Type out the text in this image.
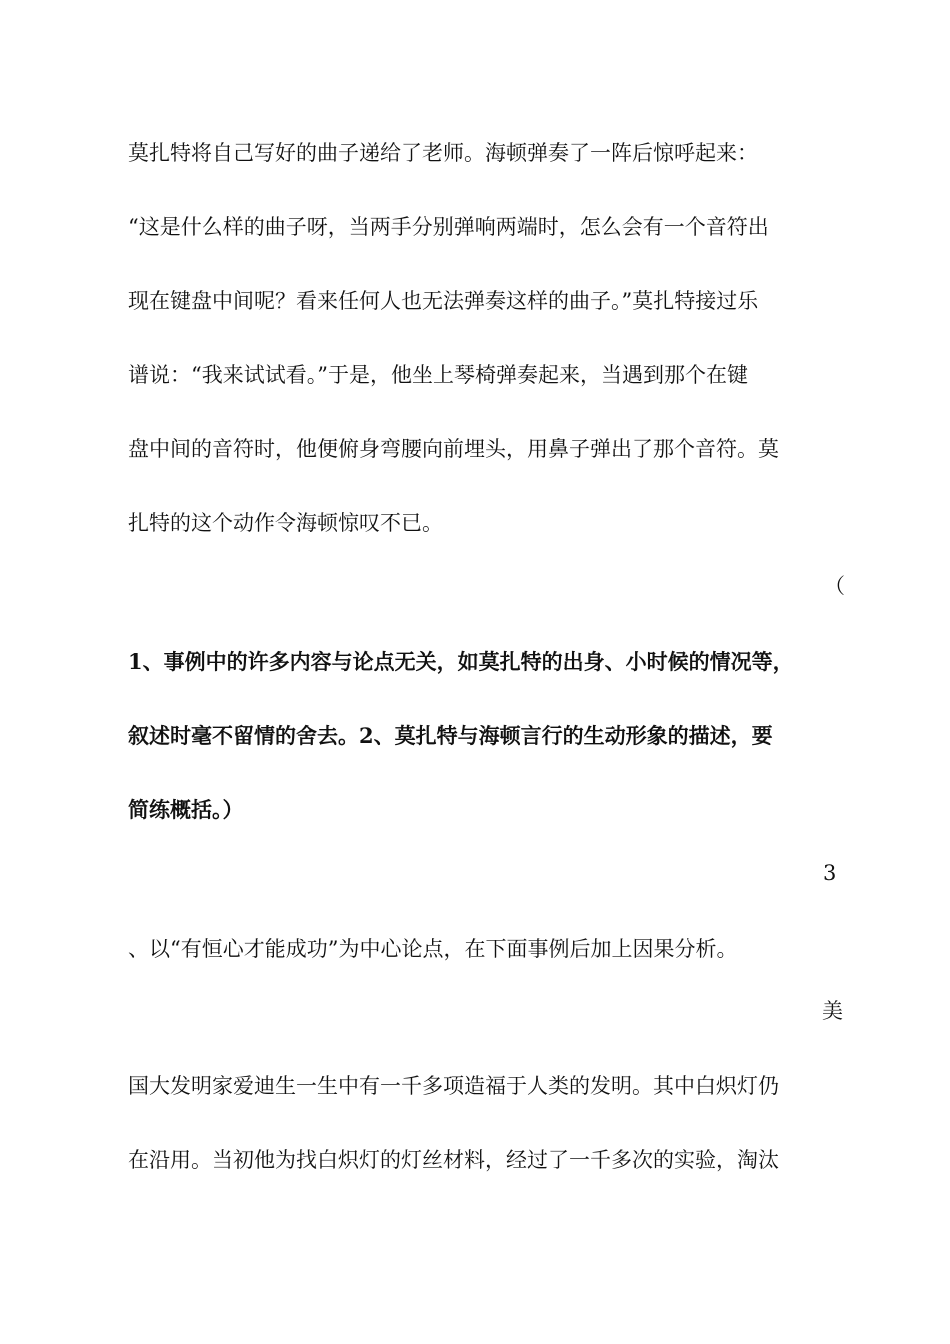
莫扎特将自己写好的曲子递给了老师。海顿弹奏了一阵后惊呼起来：
“这是什么样的曲子呀，当两手分别弹响两端时，怎么会有一个音符出
现在键盘中间呢？看来任何人也无法弹奏这样的曲子。”莫扎特接过乐
谱说：“我来试试看。”于是，他坐上琴椅弹奏起来，当遇到那个在键
盘中间的音符时，他便俯身弯腰向前埋头，用鼻子弹出了那个音符。莫
扎特的这个动作令海顿惊叹不已。
（
1、事例中的许多内容与论点无关，如莫扎特的出身、小时候的情况等，
叙述时毫不留情的舍去。2、莫扎特与海顿言行的生动形象的描述，要
简练概括。）
3
、以“有恒心才能成功”为中心论点，在下面事例后加上因果分析。
美
国大发明家爱迪生一生中有一千多项造福于人类的发明。其中白炽灯仍
在沿用。当初他为找白炽灯的灯丝材料，经过了一千多次的实验，淘汰
